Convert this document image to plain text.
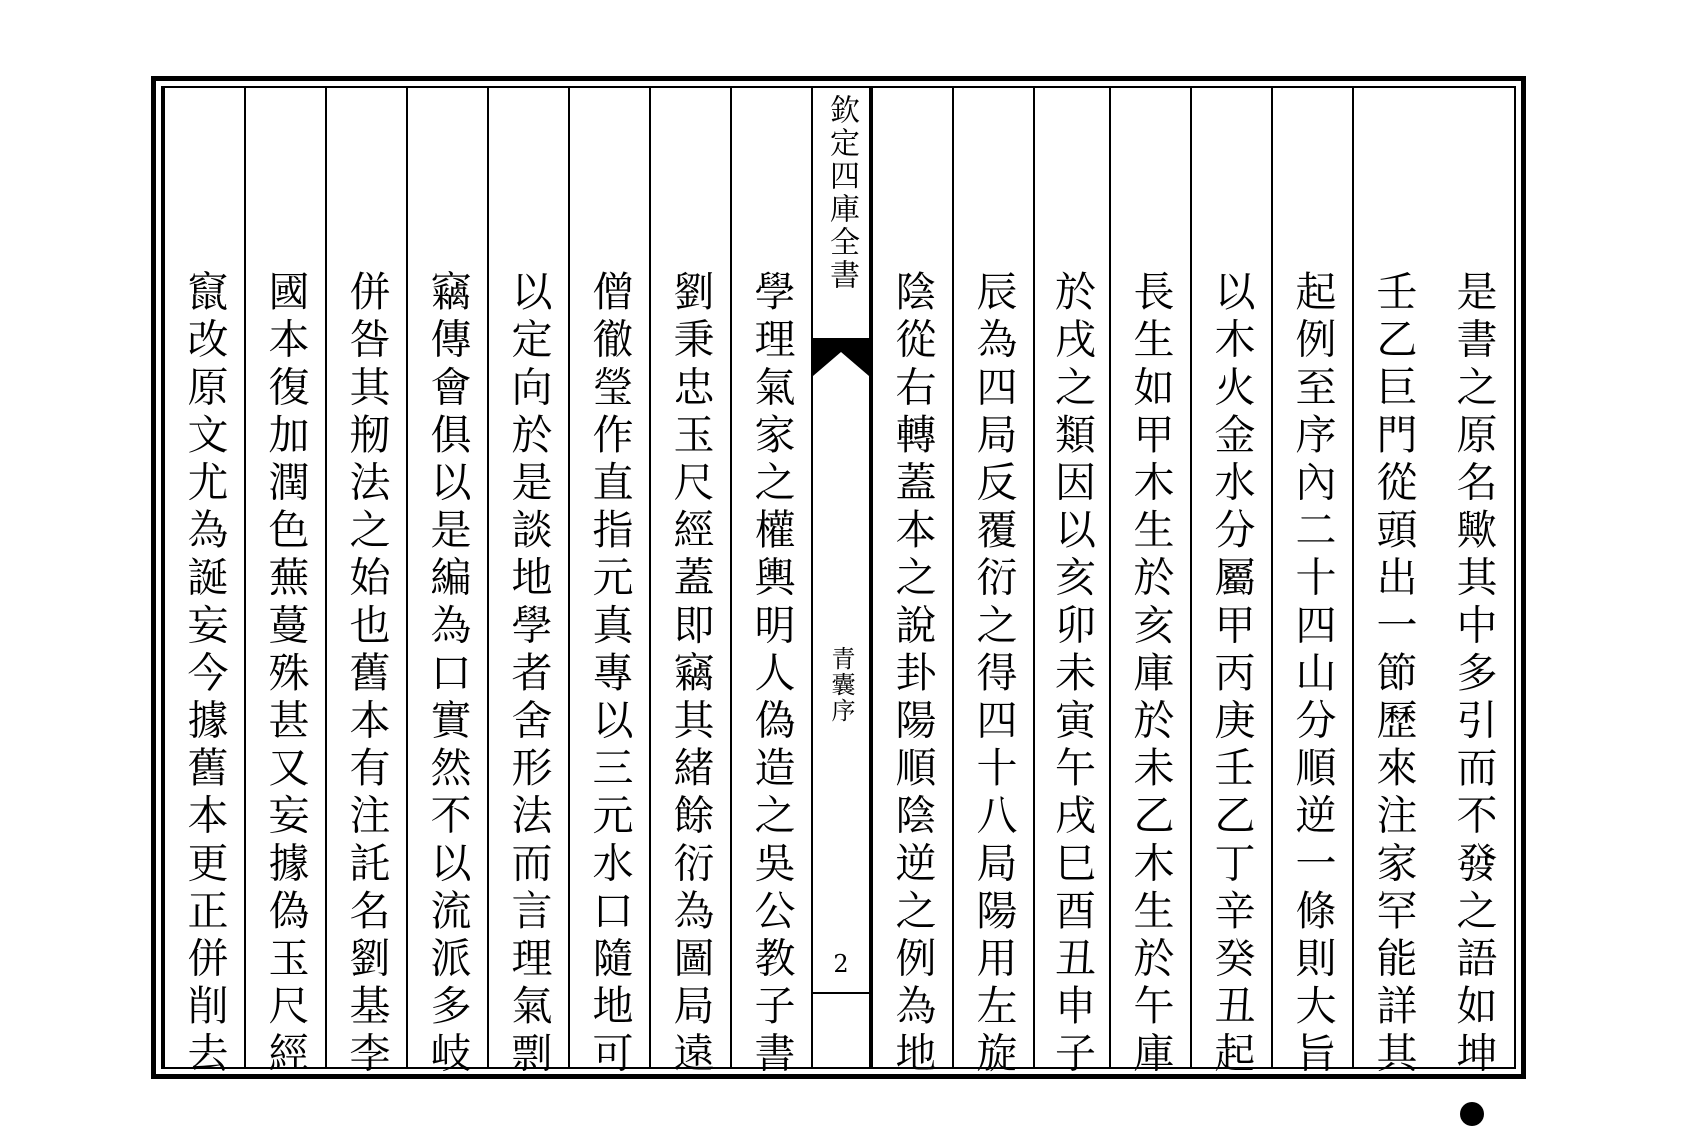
是書之原名歟其中多引而不發之語如坤
壬乙巨門從頭出一節歷來注家罕能詳其
起例至序內二十四山分順逆一條則大旨
以木火金水分屬甲丙庚壬乙丁辛癸丑起
長生如甲木生於亥庫於未乙木生於午庫
於戌之類因以亥卯未寅午戌巳酉丑申子
辰為四局反覆衍之得四十八局陽用左旋
陰從右轉蓋本之說卦陽順陰逆之例為地
欽定四庫全書
青囊序
2
學理氣家之權輿明人偽造之吳公教子書
劉秉忠玉尺經蓋即竊其緒餘衍為圖局遠
僧徹瑩作直指元真專以三元水口隨地可
以定向於是談地學者舍形法而言理氣剽
竊傳會俱以是編為口實然不以流派多岐
併咎其剏法之始也舊本有注託名劉基李
國本復加潤色蕪蔓殊甚又妄據偽玉尺經
竄改原文尤為誕妄今據舊本更正併削去
